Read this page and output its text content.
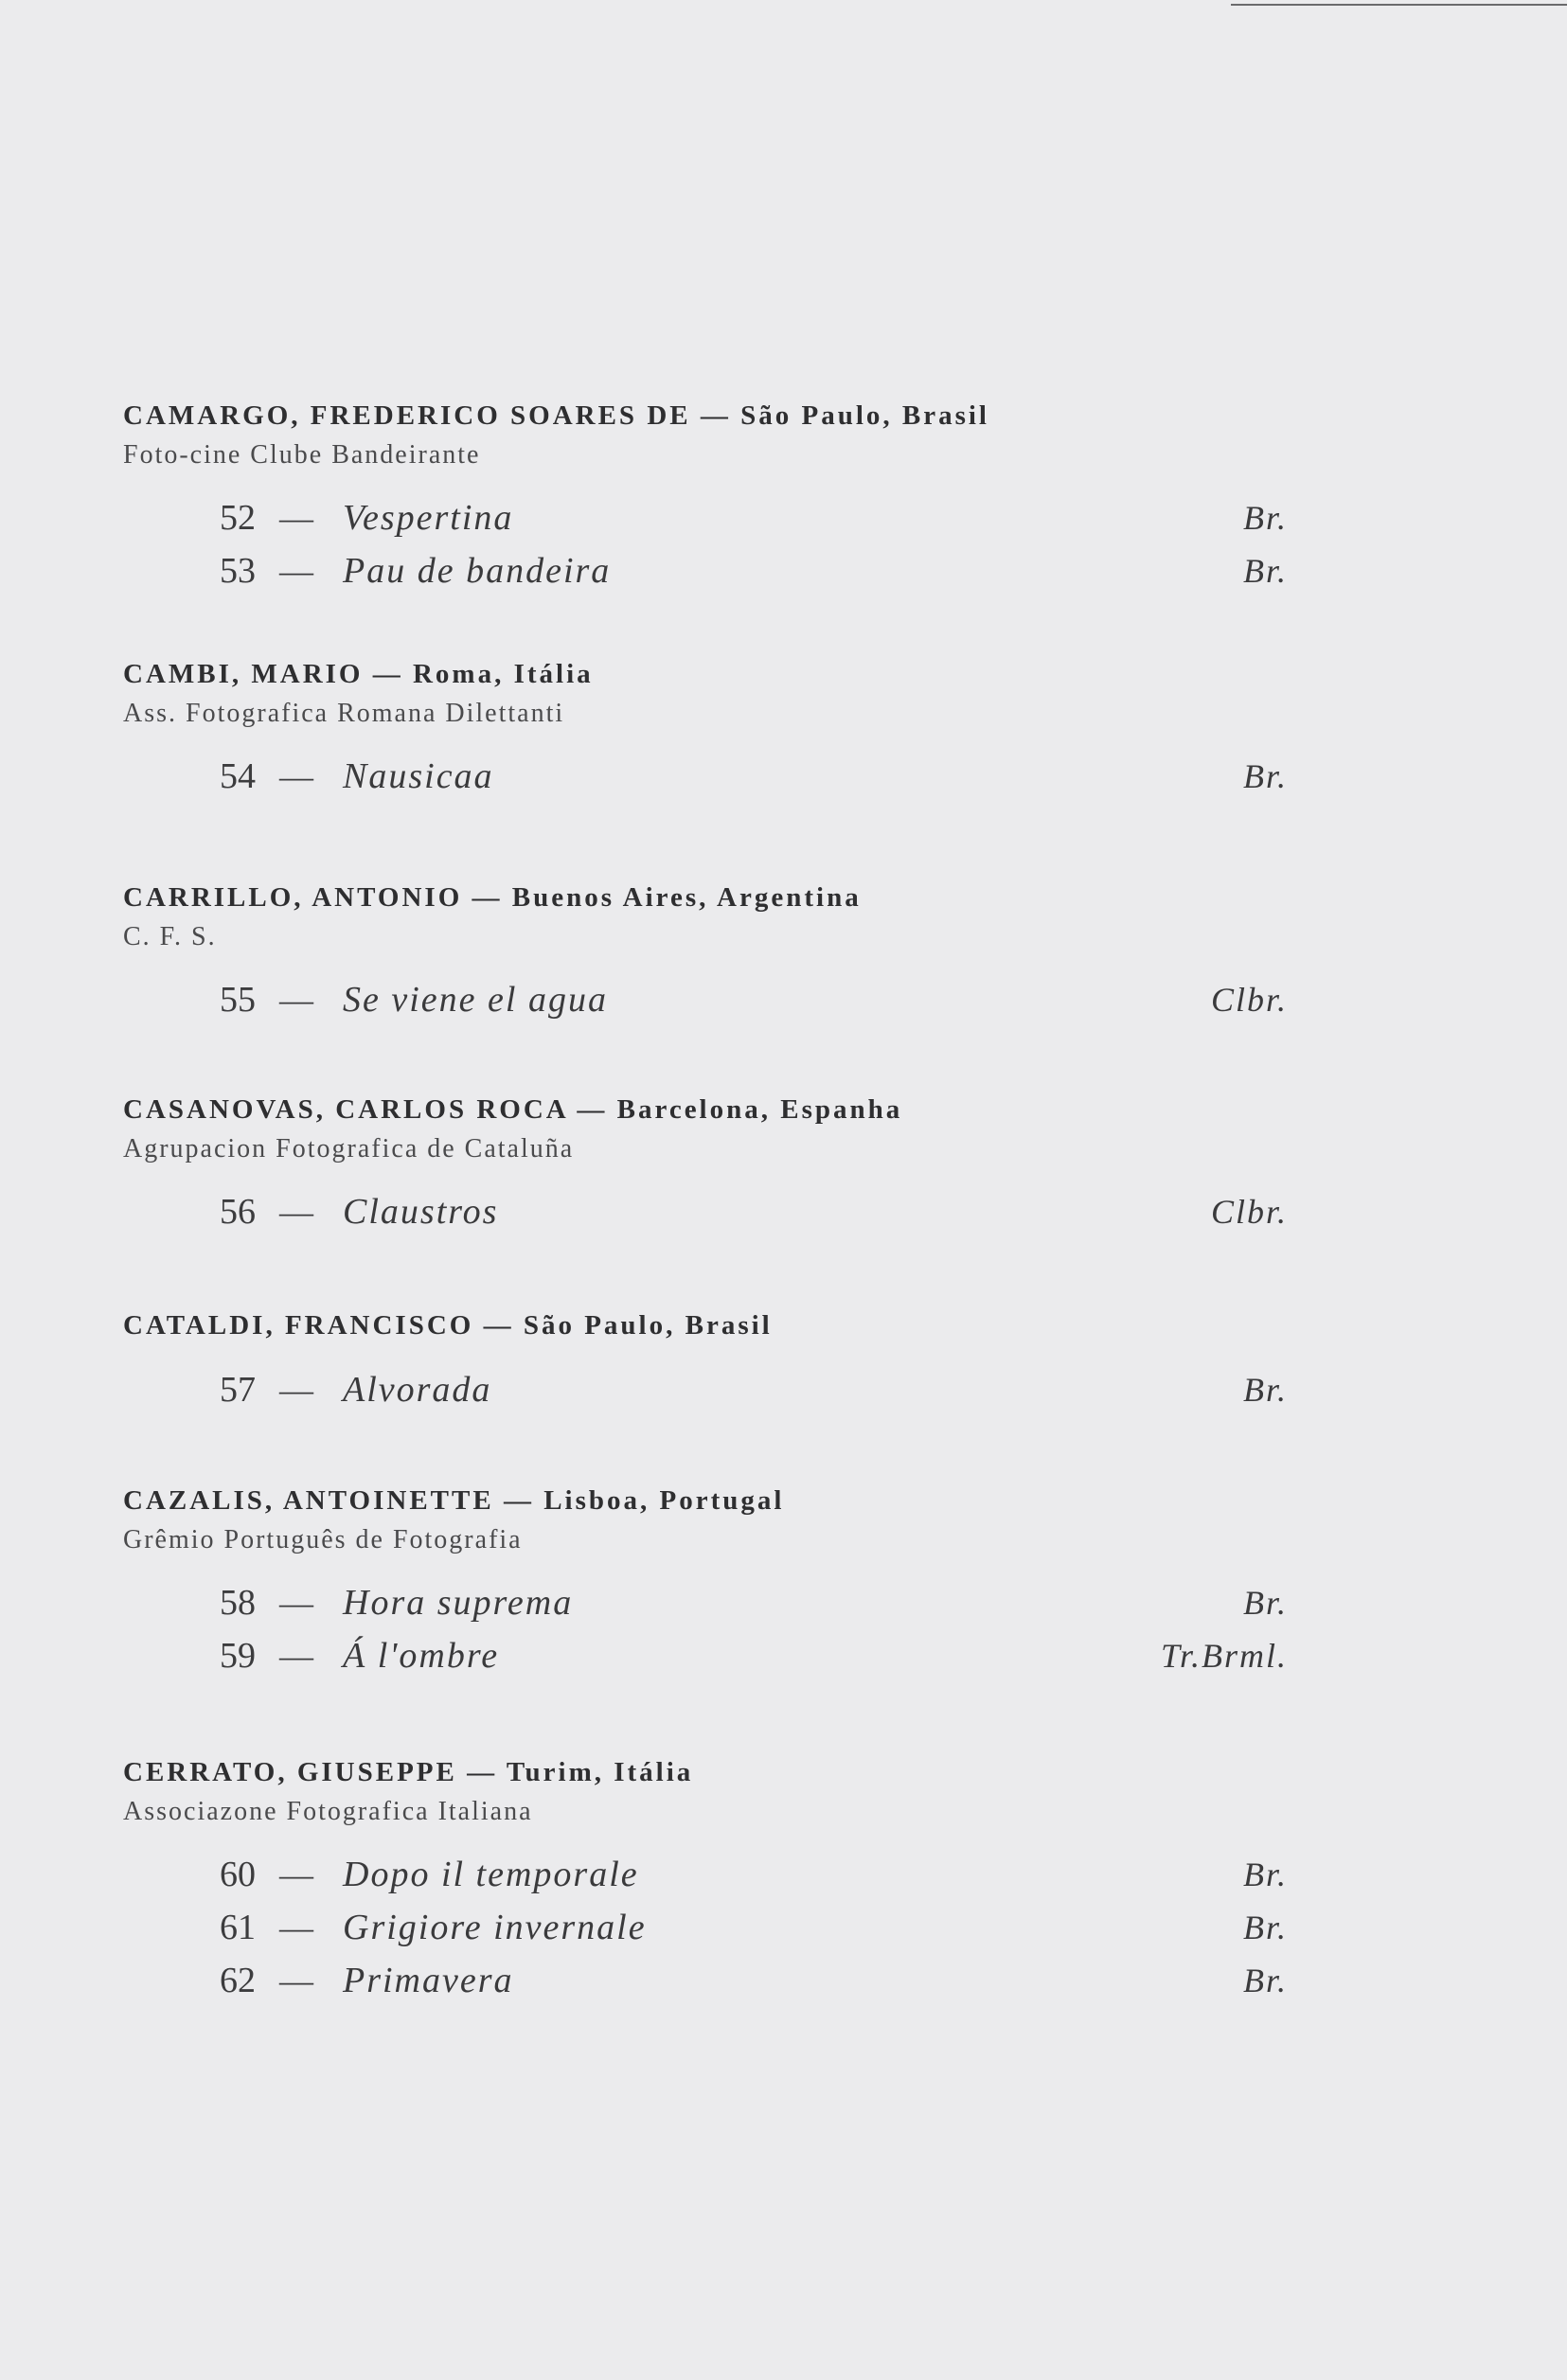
CAMARGO, FREDERICO SOARES DE — São Paulo, Brasil
Foto-cine Clube Bandeirante
52 — Vespertina	Br.
53 — Pau de bandeira	Br.
CAMBI, MARIO — Roma, Itália
Ass. Fotografica Romana Dilettanti
54 — Nausicaa	Br.
CARRILLO, ANTONIO — Buenos Aires, Argentina
C. F. S.
55 — Se viene el agua	Clbr.
CASANOVAS, CARLOS ROCA — Barcelona, Espanha
Agrupacion Fotografica de Cataluña
56 — Claustros	Clbr.
CATALDI, FRANCISCO — São Paulo, Brasil
57 — Alvorada	Br.
CAZALIS, ANTOINETTE — Lisboa, Portugal
Grêmio Português de Fotografia
58 — Hora suprema	Br.
59 — Á l'ombre	Tr.Brml.
CERRATO, GIUSEPPE — Turim, Itália
Associazone Fotografica Italiana
60 — Dopo il temporale	Br.
61 — Grigiore invernale	Br.
62 — Primavera	Br.
